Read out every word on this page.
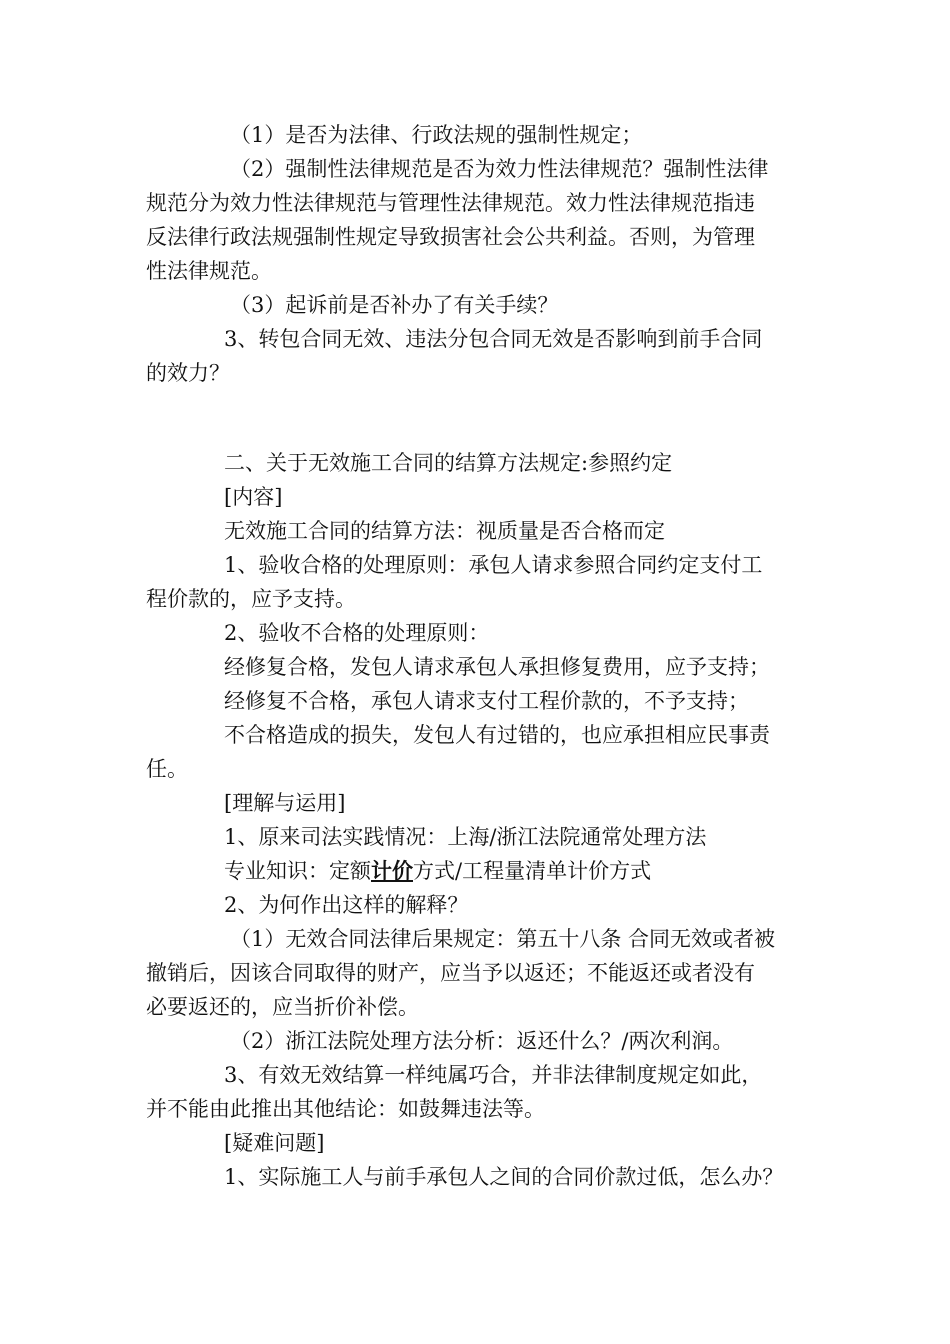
（1）是否为法律、行政法规的强制性规定；
（2）强制性法律规范是否为效力性法律规范？强制性法律
规范分为效力性法律规范与管理性法律规范。效力性法律规范指违
反法律行政法规强制性规定导致损害社会公共利益。否则，为管理
性法律规范。
（3）起诉前是否补办了有关手续？
3、转包合同无效、违法分包合同无效是否影响到前手合同
的效力？
二、关于无效施工合同的结算方法规定:参照约定
[内容]
无效施工合同的结算方法：视质量是否合格而定
1、验收合格的处理原则：承包人请求参照合同约定支付工
程价款的，应予支持。
2、验收不合格的处理原则：
经修复合格，发包人请求承包人承担修复费用，应予支持；
经修复不合格，承包人请求支付工程价款的，不予支持；
不合格造成的损失，发包人有过错的，也应承担相应民事责
任。
[理解与运用]
1、原来司法实践情况：上海/浙江法院通常处理方法
专业知识：定额计价方式/工程量清单计价方式
2、为何作出这样的解释？
（1）无效合同法律后果规定：第五十八条 合同无效或者被
撤销后，因该合同取得的财产，应当予以返还；不能返还或者没有
必要返还的，应当折价补偿。
（2）浙江法院处理方法分析：返还什么？/两次利润。
3、有效无效结算一样纯属巧合，并非法律制度规定如此，
并不能由此推出其他结论：如鼓舞违法等。
[疑难问题]
1、实际施工人与前手承包人之间的合同价款过低，怎么办？
